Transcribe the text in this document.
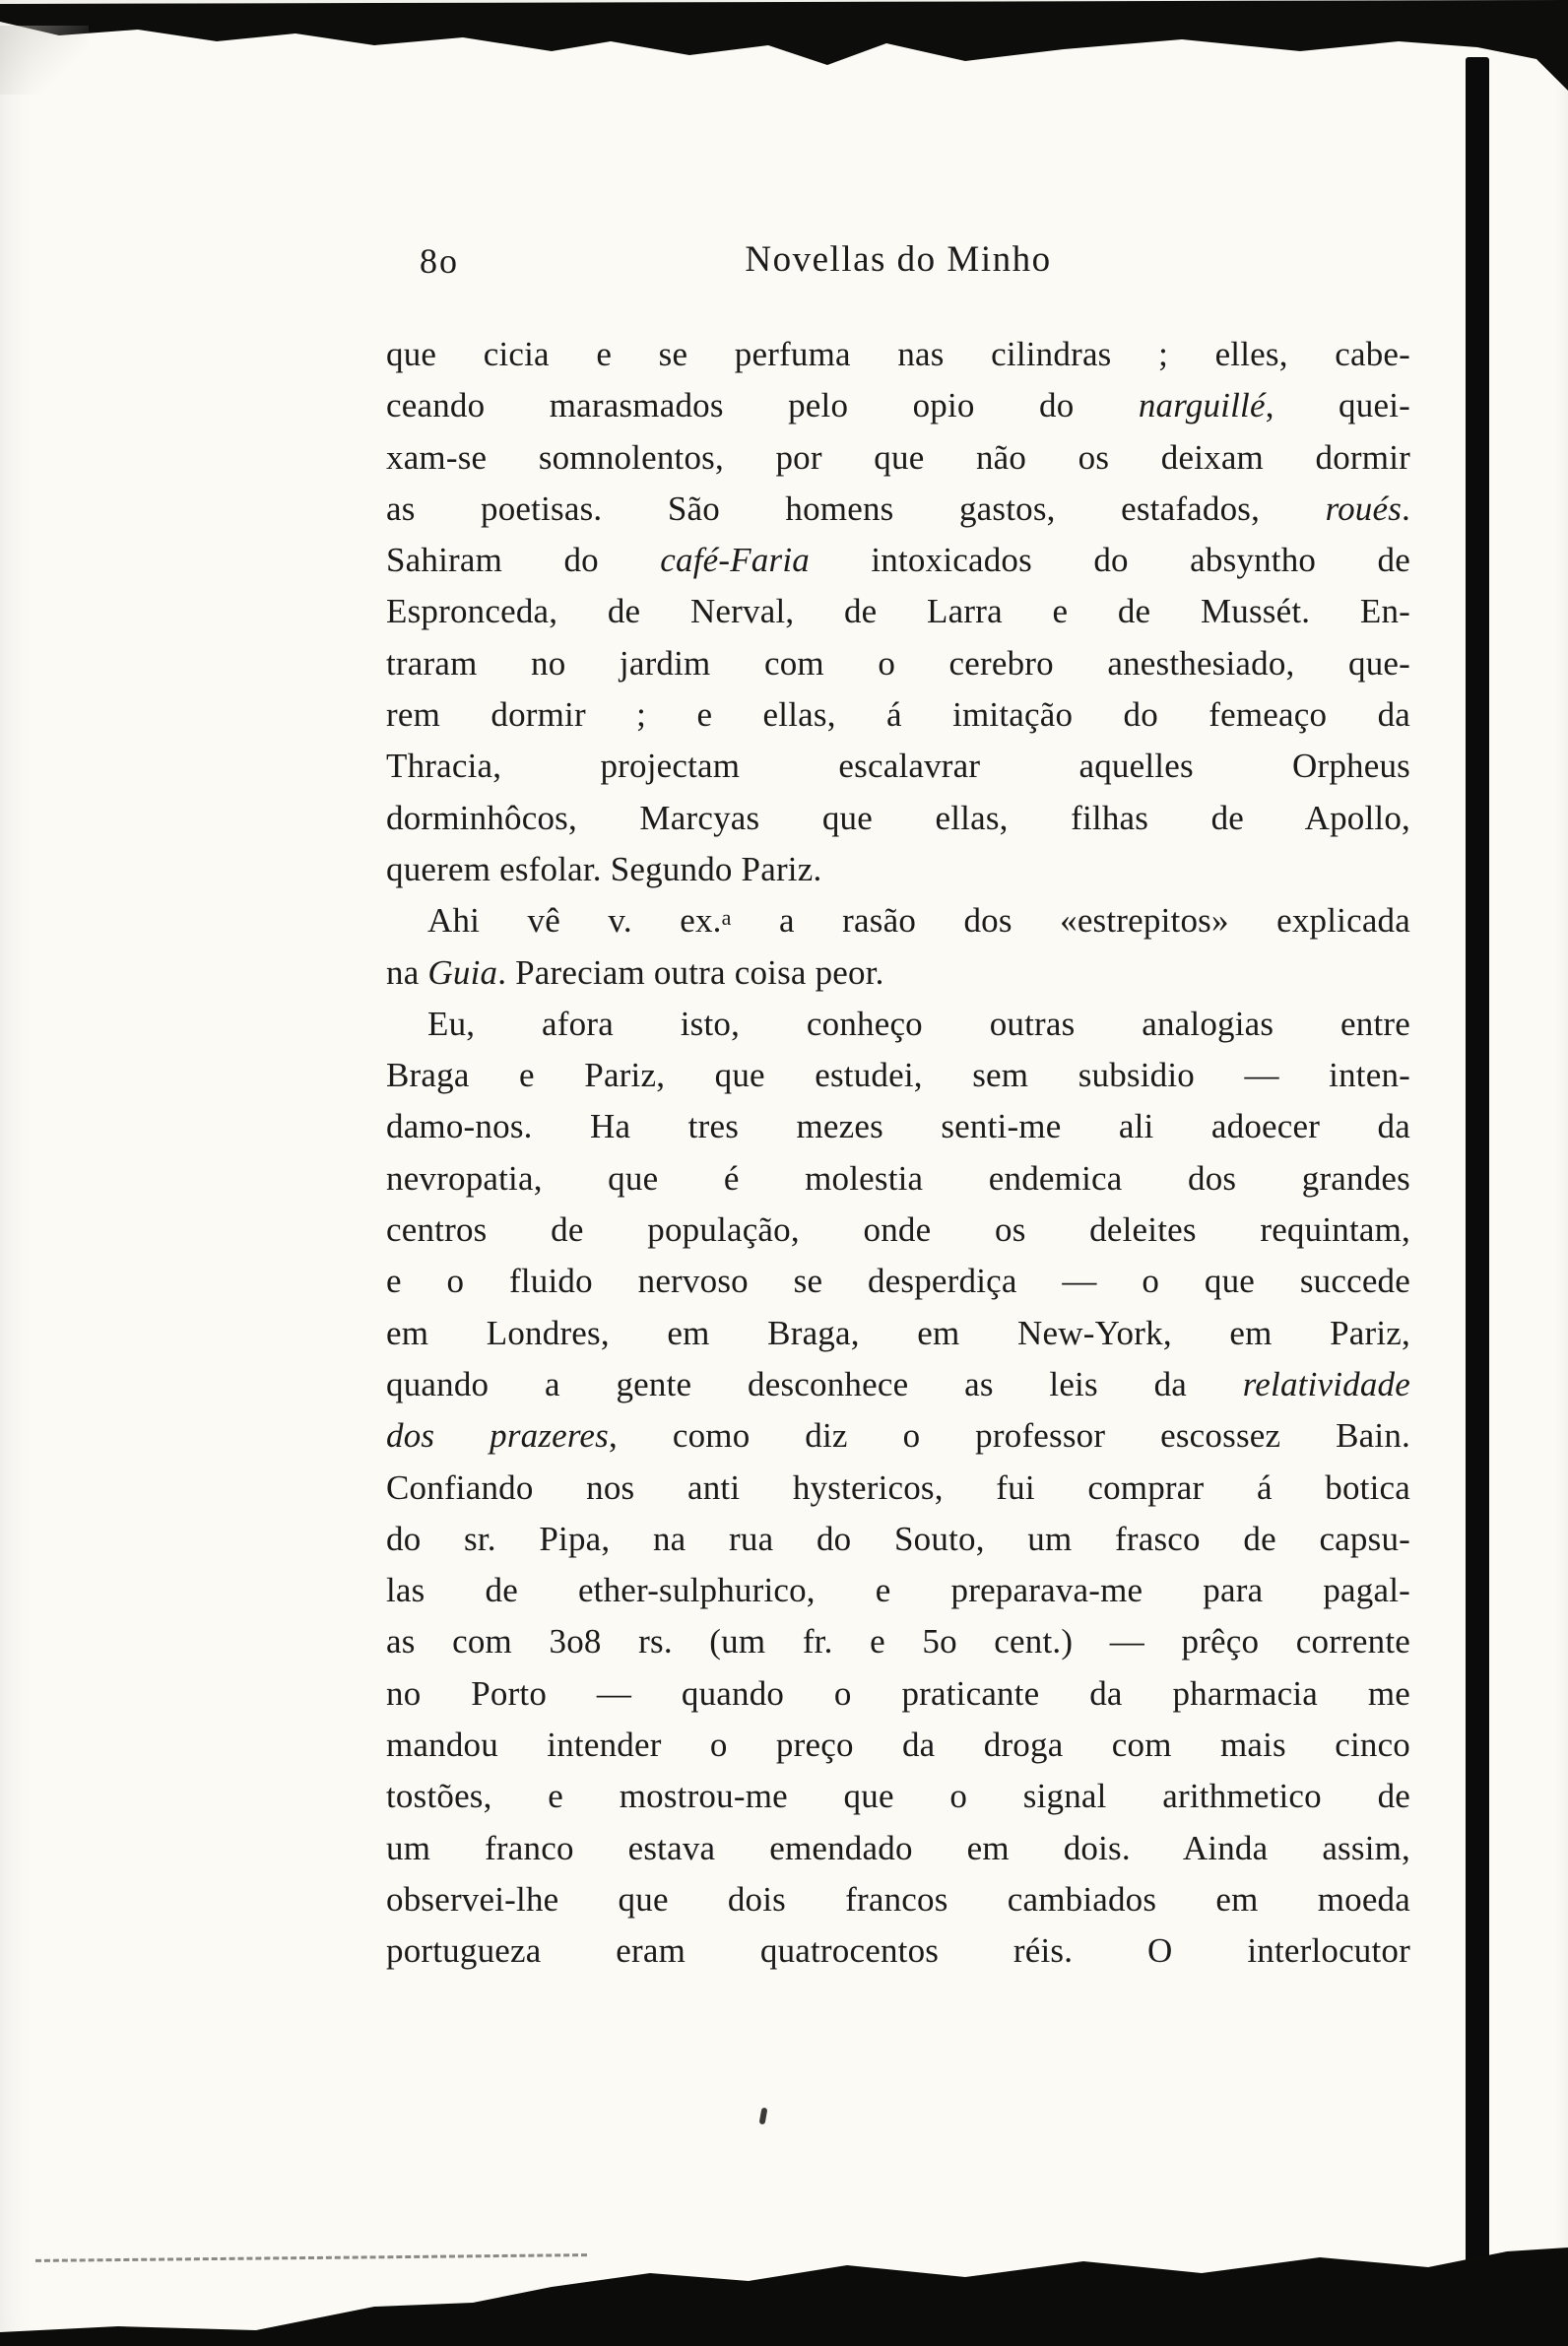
8o	Novellas do Minho
que cicia e se perfuma nas cilindras ; elles, cabe-
ceando marasmados pelo opio do narguillé, quei-
xam-se somnolentos, por que não os deixam dormir
as poetisas. São homens gastos, estafados, roués.
Sahiram do café-Faria intoxicados do absyntho de
Espronceda, de Nerval, de Larra e de Mussét. En-
traram no jardim com o cerebro anesthesiado, que-
rem dormir ; e ellas, á imitação do femeaço da
Thracia, projectam escalavrar aquelles Orpheus
dorminhôcos, Marcyas que ellas, filhas de Apollo,
querem esfolar. Segundo Pariz.
Ahi vê v. ex.$^a$ a rasão dos «estrepitos» explicada
na Guia. Pareciam outra coisa peor.
Eu, afora isto, conheço outras analogias entre
Braga e Pariz, que estudei, sem subsidio — inten-
damo-nos. Ha tres mezes senti-me ali adoecer da
nevropatia, que é molestia endemica dos grandes
centros de população, onde os deleites requintam,
e o fluido nervoso se desperdiça — o que succede
em Londres, em Braga, em New-York, em Pariz,
quando a gente desconhece as leis da relatividade
dos prazeres, como diz o professor escossez Bain.
Confiando nos anti hystericos, fui comprar á botica
do sr. Pipa, na rua do Souto, um frasco de capsu-
las de ether-sulphurico, e preparava-me para pagal-
as com 3o8 rs. (um fr. e 5o cent.) — prêço corrente
no Porto — quando o praticante da pharmacia me
mandou intender o preço da droga com mais cinco
tostões, e mostrou-me que o signal arithmetico de
um franco estava emendado em dois. Ainda assim,
observei-lhe que dois francos cambiados em moeda
portugueza eram quatrocentos réis. O interlocutor
